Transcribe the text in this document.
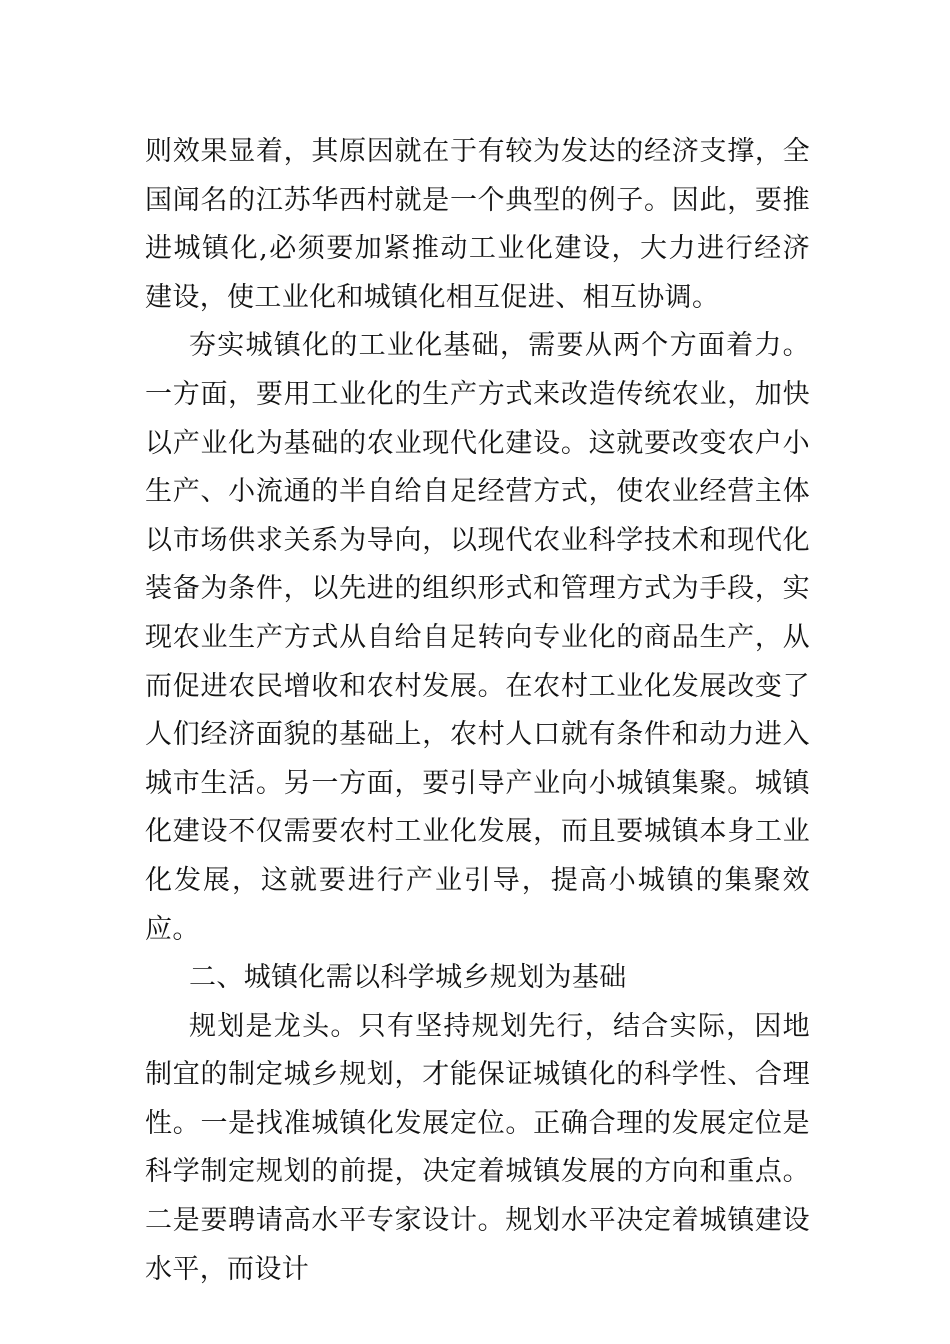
则效果显着，其原因就在于有较为发达的经济支撑，全国闻名的江苏华西村就是一个典型的例子。因此，要推进城镇化,必须要加紧推动工业化建设，大力进行经济建设，使工业化和城镇化相互促进、相互协调。

夯实城镇化的工业化基础，需要从两个方面着力。一方面，要用工业化的生产方式来改造传统农业，加快以产业化为基础的农业现代化建设。这就要改变农户小生产、小流通的半自给自足经营方式，使农业经营主体以市场供求关系为导向，以现代农业科学技术和现代化装备为条件，以先进的组织形式和管理方式为手段，实现农业生产方式从自给自足转向专业化的商品生产，从而促进农民增收和农村发展。在农村工业化发展改变了人们经济面貌的基础上，农村人口就有条件和动力进入城市生活。另一方面，要引导产业向小城镇集聚。城镇化建设不仅需要农村工业化发展，而且要城镇本身工业化发展，这就要进行产业引导，提高小城镇的集聚效应。

二、城镇化需以科学城乡规划为基础

规划是龙头。只有坚持规划先行，结合实际，因地制宜的制定城乡规划，才能保证城镇化的科学性、合理性。一是找准城镇化发展定位。正确合理的发展定位是科学制定规划的前提，决定着城镇发展的方向和重点。二是要聘请高水平专家设计。规划水平决定着城镇建设水平，而设计
